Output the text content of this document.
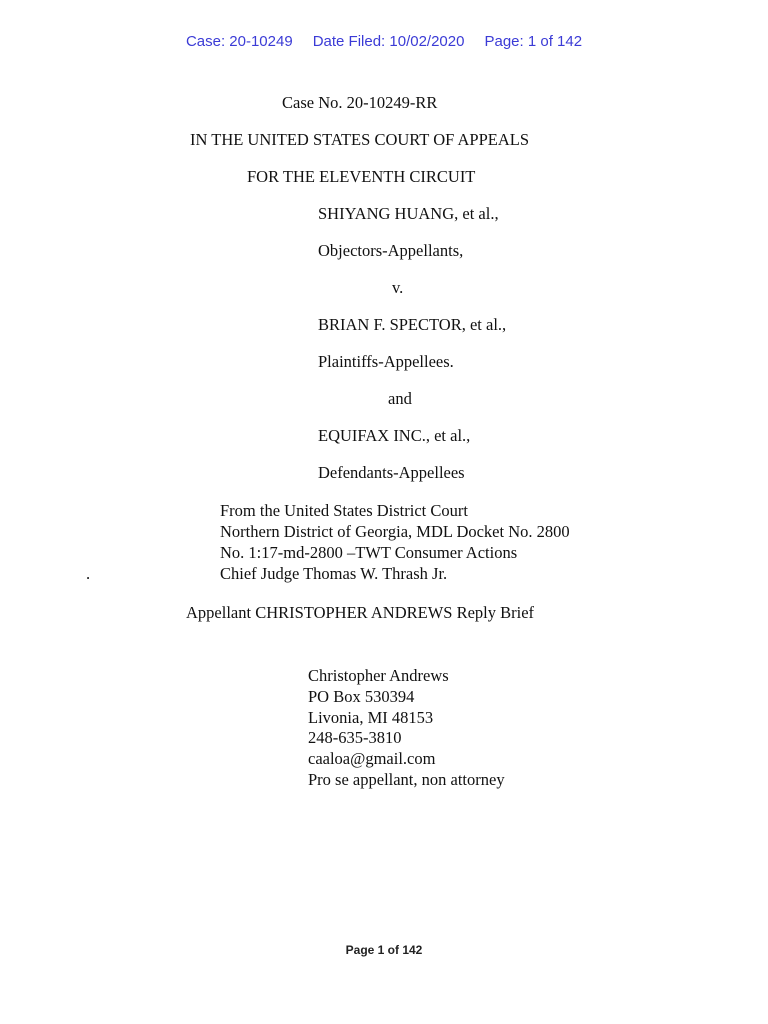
Case: 20-10249 Date Filed: 10/02/2020 Page: 1 of 142
Case No. 20-10249-RR
IN THE UNITED STATES COURT OF APPEALS
FOR THE ELEVENTH CIRCUIT
SHIYANG HUANG, et al.,
Objectors-Appellants,
v.
BRIAN F. SPECTOR, et al.,
Plaintiffs-Appellees.
and
EQUIFAX INC., et al.,
Defendants-Appellees
From the United States District Court
Northern District of Georgia, MDL Docket No. 2800
No. 1:17-md-2800 –TWT Consumer Actions
Chief Judge Thomas W. Thrash Jr.
.
Appellant CHRISTOPHER ANDREWS Reply Brief
Christopher Andrews
PO Box 530394
Livonia, MI 48153
248-635-3810
caaloa@gmail.com
Pro se appellant, non attorney
Page 1 of 142
